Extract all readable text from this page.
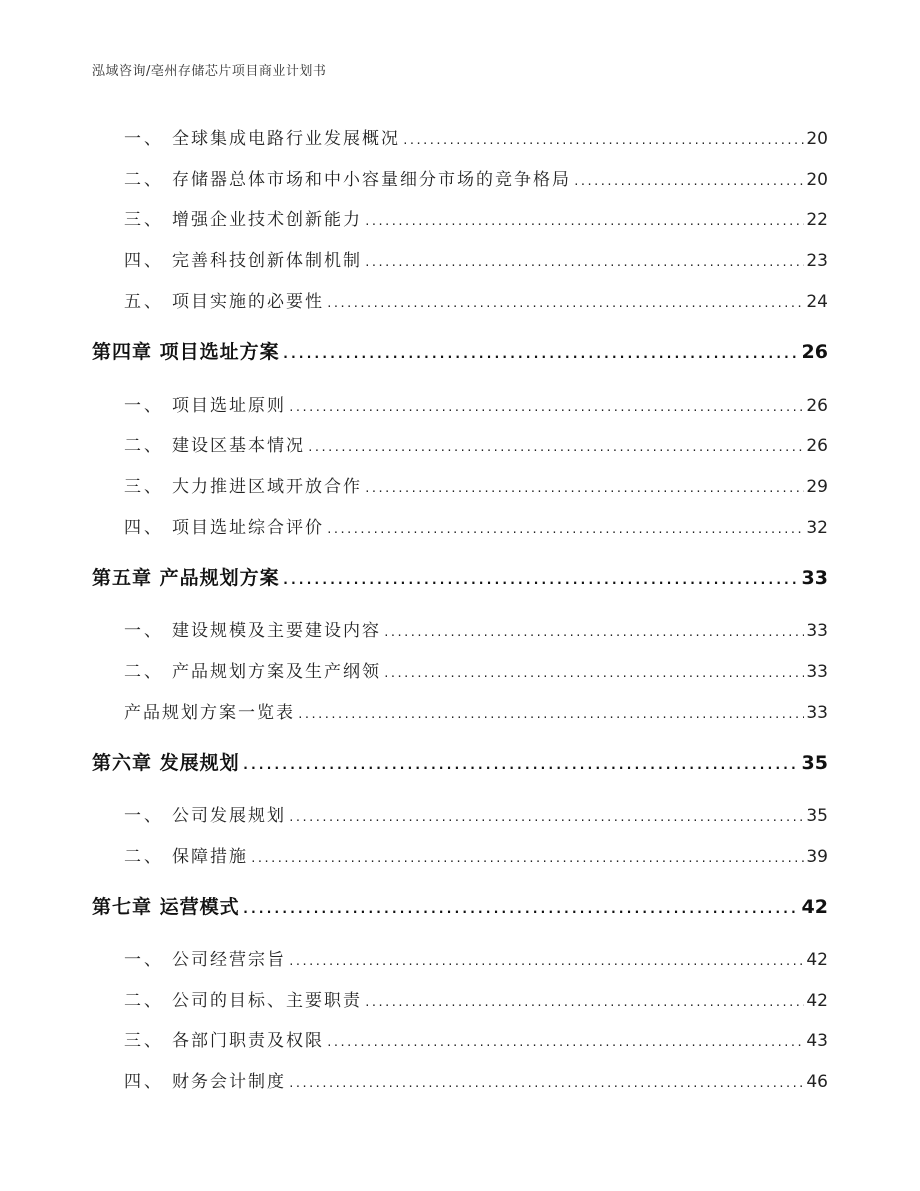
泓域咨询/亳州存储芯片项目商业计划书
一、 全球集成电路行业发展概况 .....	20
二、 存储器总体市场和中小容量细分市场的竞争格局 .....	20
三、 增强企业技术创新能力 .....	22
四、 完善科技创新体制机制 .....	23
五、 项目实施的必要性 .....	24
第四章 项目选址方案 .....	26
一、 项目选址原则 .....	26
二、 建设区基本情况 .....	26
三、 大力推进区域开放合作 .....	29
四、 项目选址综合评价 .....	32
第五章 产品规划方案 .....	33
一、 建设规模及主要建设内容 .....	33
二、 产品规划方案及生产纲领 .....	33
产品规划方案一览表 .....	33
第六章 发展规划 .....	35
一、 公司发展规划 .....	35
二、 保障措施 .....	39
第七章 运营模式 .....	42
一、 公司经营宗旨 .....	42
二、 公司的目标、主要职责 .....	42
三、 各部门职责及权限 .....	43
四、 财务会计制度 .....	46
